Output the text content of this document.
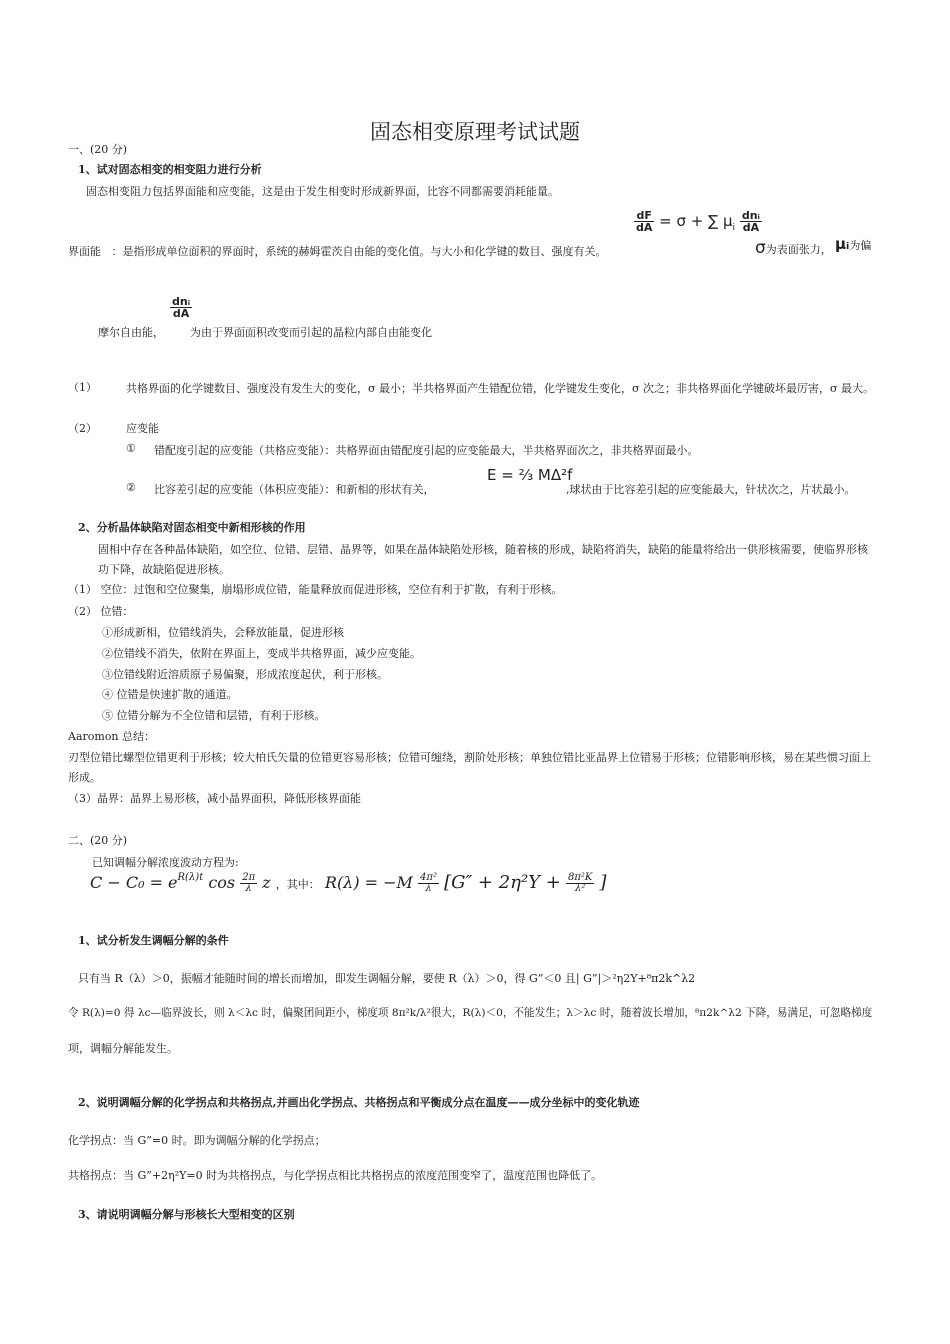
固态相变原理考试试题
一、(20 分)
1、试对固态相变的相变阻力进行分析
固态相变阻力包括界面能和应变能，这是由于发生相变时形成新界面，比容不同都需要消耗能量。
$\frac{dF}{dA} = \sigma$ + ∑ $\mu_i \frac{\text{dnᵢ}}{dA}$
界面能 ：是指形成单位面积的界面时，系统的赫姆霍茨自由能的变化值。与大小和化学键的数目、强度有关。	σ为表面张力， μᵢ为偏
$\frac{\text{dnᵢ}}{dA}$
摩尔自由能， 为由于界面面积改变而引起的晶粒内部自由能变化
（1）	共格界面的化学键数目、强度没有发生大的变化，σ 最小；半共格界面产生错配位错，化学键发生变化，σ 次之；非共格界面化学键破坏最厉害，σ 最大。
（2）	应变能
① 错配度引起的应变能（共格应变能）：共格界面由错配度引起的应变能最大，半共格界面次之，非共格界面最小。
② 比容差引起的应变能（体积应变能）：和新相的形状有关，
E = ⅔ MΔ²f
,球状由于比容差引起的应变能最大，针状次之，片状最小。
2、分析晶体缺陷对固态相变中新相形核的作用
固相中存在各种晶体缺陷，如空位、位错、层错、晶界等，如果在晶体缺陷处形核，随着核的形成，缺陷将消失，缺陷的能量将给出一供形核需要，使临界形核功下降，故缺陷促进形核。
（1） 空位：过饱和空位聚集，崩塌形成位错，能量释放而促进形核，空位有利于扩散，有利于形核。
（2） 位错：
①形成新相，位错线消失，会释放能量，促进形核
②位错线不消失，依附在界面上，变成半共格界面，减少应变能。
③位错线附近溶质原子易偏聚，形成浓度起伏，利于形核。
④ 位错是快速扩散的通道。
⑤ 位错分解为不全位错和层错，有利于形核。
Aaromon 总结：
刃型位错比螺型位错更利于形核；较大柏氏矢量的位错更容易形核；位错可缠绕，割阶处形核；单独位错比亚晶界上位错易于形核；位错影响形核，易在某些惯习面上形成。
（3）晶界：晶界上易形核，减小晶界面积，降低形核界面能
二、(20 分)
已知调幅分解浓度波动方程为:
$C - C_0 = e^{R(\lambda)t}$ $\cos \frac{2\pi}{\lambda}$ z ，其中： $R(\lambda) = -M \frac{\text{4π²}}{\lambda} [G'' + 2\eta^2Y + \frac{\text{8π²K}}{\text{λ²}}$ ]
1、试分析发生调幅分解的条件
只有当 R（λ）＞0，振幅才能随时间的增长而增加，即发生调幅分解，要使 R（λ）＞0，得 G”＜0 且| G”|＞²η2Y+⁸π2k^λ2
令 R(λ)=0 得 λc—临界波长，则 λ＜λc 时，偏聚团间距小，梯度项 8π²k/λ²很大，R(λ)＜0，不能发生；λ＞λc 时，随着波长增加，⁸π2k^λ2 下降，易满足，可忽略梯度
项，调幅分解能发生。
2、说明调幅分解的化学拐点和共格拐点,并画出化学拐点、共格拐点和平衡成分点在温度——成分坐标中的变化轨迹
化学拐点：当 G”=0 时。即为调幅分解的化学拐点；
共格拐点：当 G”+2η²Y=0 时为共格拐点，与化学拐点相比共格拐点的浓度范围变窄了，温度范围也降低了。
3、请说明调幅分解与形核长大型相变的区别
